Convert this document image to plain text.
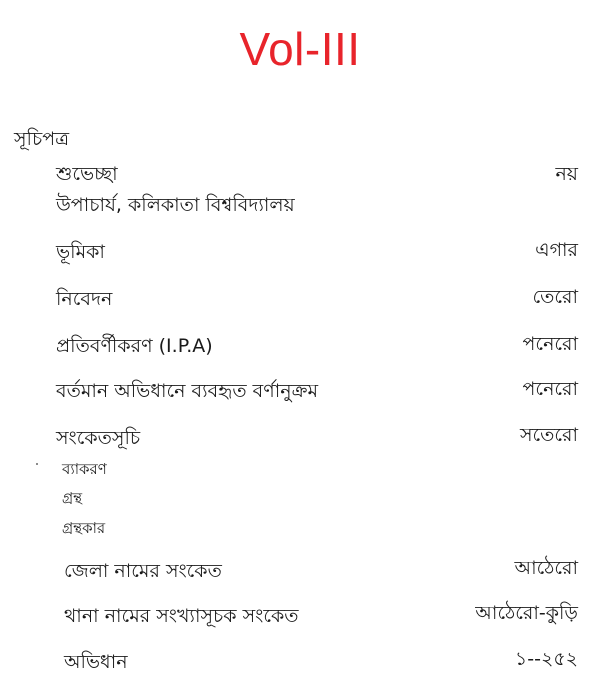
Vol-III
সূচিপত্র
শুভেচ্ছা	নয়
উপাচার্য, কলিকাতা বিশ্ববিদ্যালয়
ভূমিকা	এগার
নিবেদন	তেরো
প্রতিবর্ণীকরণ (I.P.A)	পনেরো
বর্তমান অভিধানে ব্যবহৃত বর্ণানুক্রম	পনেরো
সংকেতসূচি	সতেরো
ব্যাকরণ
গ্রন্থ
গ্রন্থকার
জেলা নামের সংকেত	আঠেরো
থানা নামের সংখ্যাসূচক সংকেত	আঠেরো-কুড়ি
অভিধান	১--২৫২
